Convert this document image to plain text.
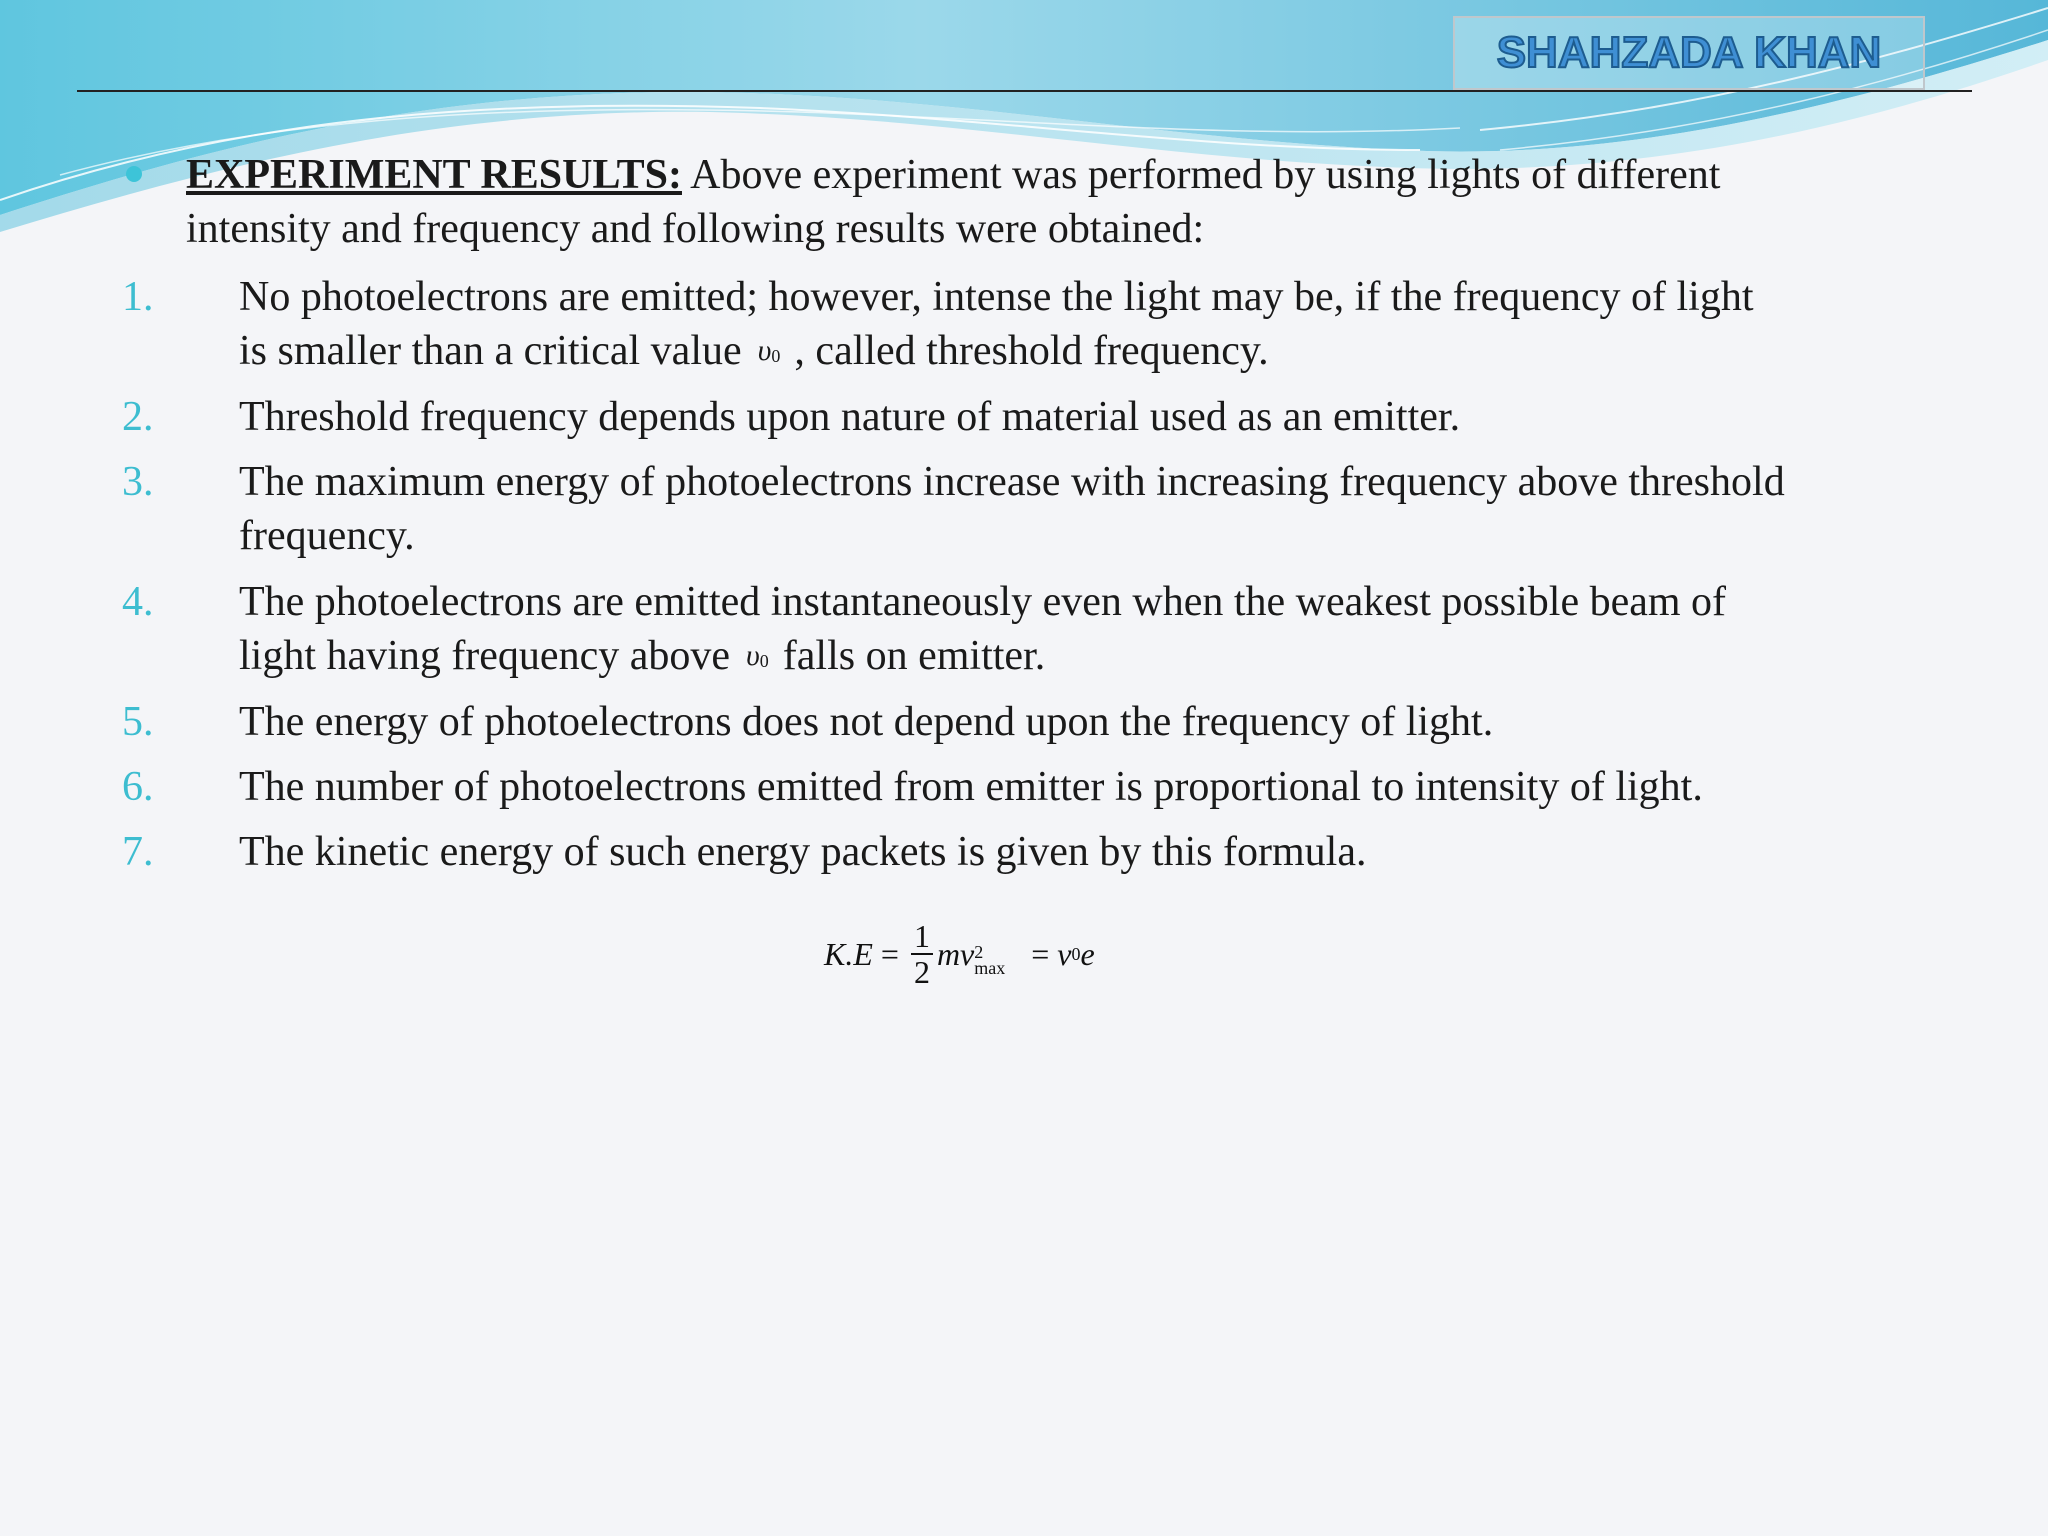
SHAHZADA KHAN
EXPERIMENT RESULTS: Above experiment was performed by using lights of different
intensity and frequency and following results were obtained:
1. No photoelectrons are emitted; however, intense the light may be, if the frequency of light
is smaller than a critical value $\upsilon_0$ , called threshold frequency.
2. Threshold frequency depends upon nature of material used as an emitter.
3. The maximum energy of photoelectrons increase with increasing frequency above threshold
frequency.
4. The photoelectrons are emitted instantaneously even when the weakest possible beam of
light having frequency above $\upsilon_0$ falls on emitter.
5. The energy of photoelectrons does not depend upon the frequency of light.
6. The number of photoelectrons emitted from emitter is proportional to intensity of light.
7. The kinetic energy of such energy packets is given by this formula.
$K.E = \frac{1}{2}$ mv 2
max = v 0 e
